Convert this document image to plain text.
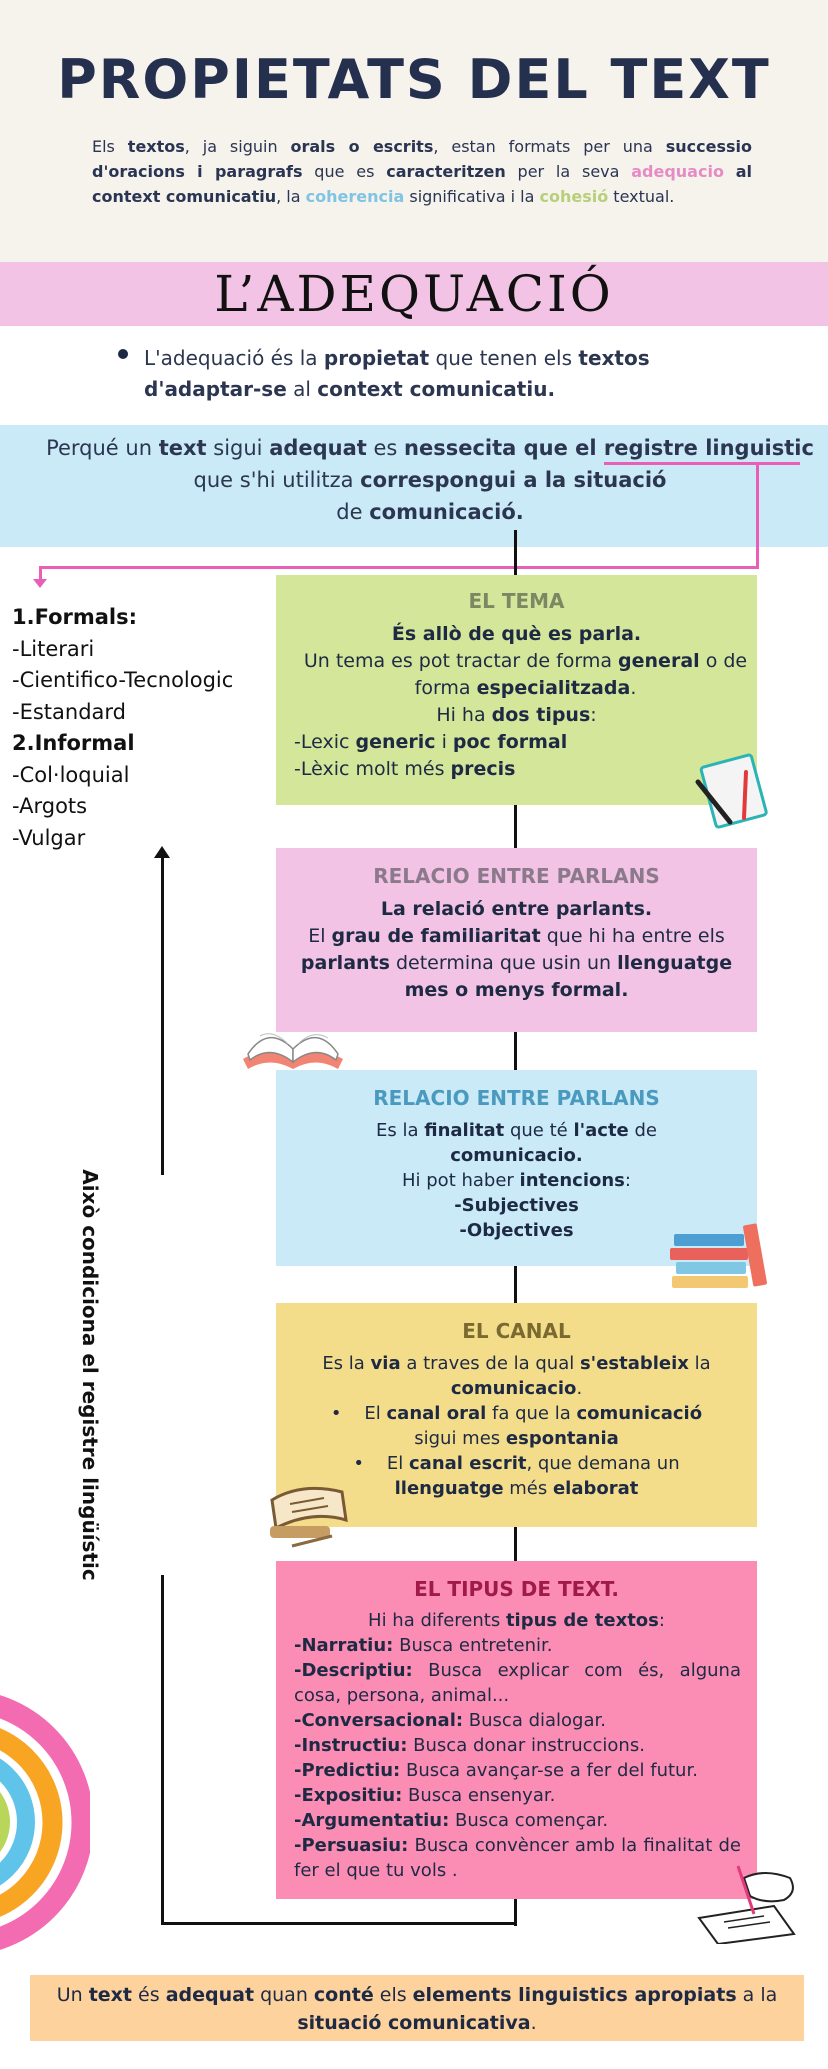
PROPIETATS DEL TEXT
Els textos, ja siguin orals o escrits, estan formats per una successio d'oracions i paragrafs que es caracteritzen per la seva adequacio al context comunicatiu, la coherencia significativa i la cohesió textual.
L’ADEQUACIÓ
L'adequació és la propietat que tenen els textos d'adaptar-se al context comunicatiu.
Perqué un text sigui adequat es nessecita que el registre linguistic
que s'hi utilitza correspongui a la situació
de comunicació.
1.Formals:
-Literari
-Cientifico-Tecnologic
-Estandard
2.Informal
-Col·loquial
-Argots
-Vulgar
Això condiciona el registre lingüístic
EL TEMA

És allò de què es parla.

Un tema es pot tractar de forma general o de forma especialitzada.

Hi ha dos tipus:

-Lexic generic i poc formal

-Lèxic molt més precis

RELACIO ENTRE PARLANS

La relació entre parlants.

El grau de familiaritat que hi ha entre els parlants determina que usin un llenguatge mes o menys formal.

RELACIO ENTRE PARLANS

Es la finalitat que té l'acte de
comunicacio.

Hi pot haber intencions:

-Subjectives

-Objectives

EL CANAL

Es la via a traves de la qual s'estableix la
comunicacio.

•    El canal oral fa que la comunicació
sigui mes espontania

•    El canal escrit, que demana un
llenguatge més elaborat

EL TIPUS DE TEXT.

Hi ha diferents tipus de textos:

-Narratiu: Busca entretenir.
-Descriptiu: Busca explicar com és, alguna cosa, persona, animal...
-Conversacional: Busca dialogar.
-Instructiu: Busca donar instruccions.
-Predictiu: Busca avançar-se a fer del futur.
-Expositiu: Busca ensenyar.
-Argumentatiu: Busca començar.
-Persuasiu: Busca convèncer amb la finalitat de fer el que tu vols .
Un text és adequat quan conté els elements linguistics apropiats a la situació comunicativa.
